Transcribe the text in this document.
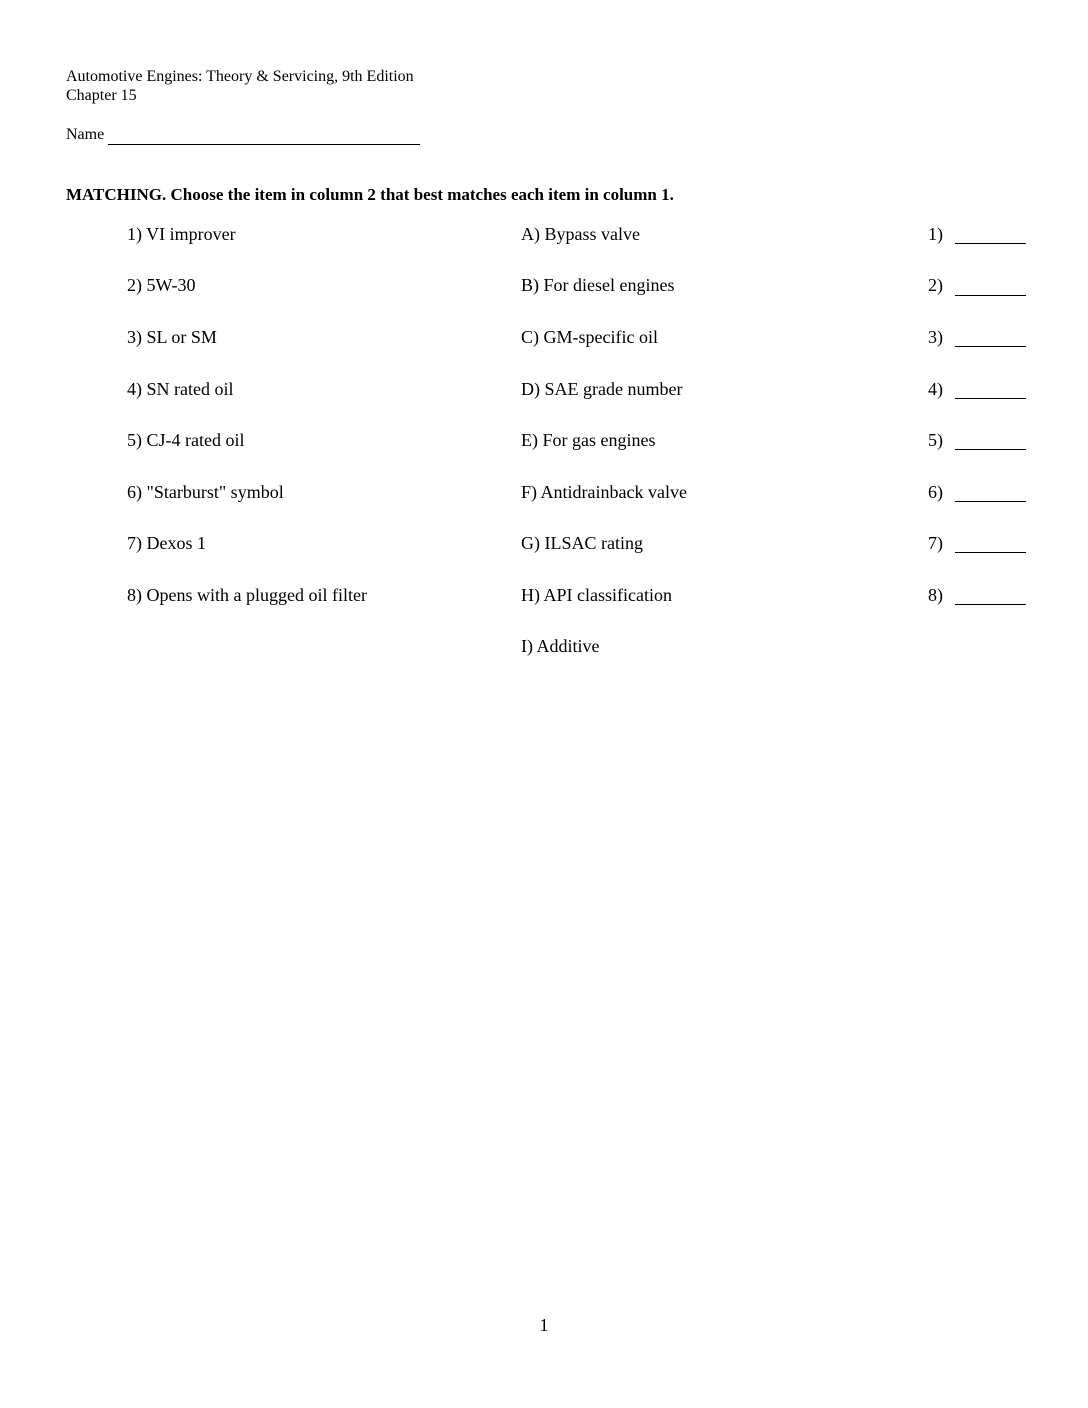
Automotive Engines: Theory & Servicing, 9th Edition
Chapter 15
Name
MATCHING. Choose the item in column 2 that best matches each item in column 1.
1) VI improver
2) 5W-30
3) SL or SM
4) SN rated oil
5) CJ-4 rated oil
6) "Starburst" symbol
7) Dexos 1
8) Opens with a plugged oil filter
A) Bypass valve
B) For diesel engines
C) GM-specific oil
D) SAE grade number
E) For gas engines
F) Antidrainback valve
G) ILSAC rating
H) API classification
I) Additive
1)
2)
3)
4)
5)
6)
7)
8)
1
